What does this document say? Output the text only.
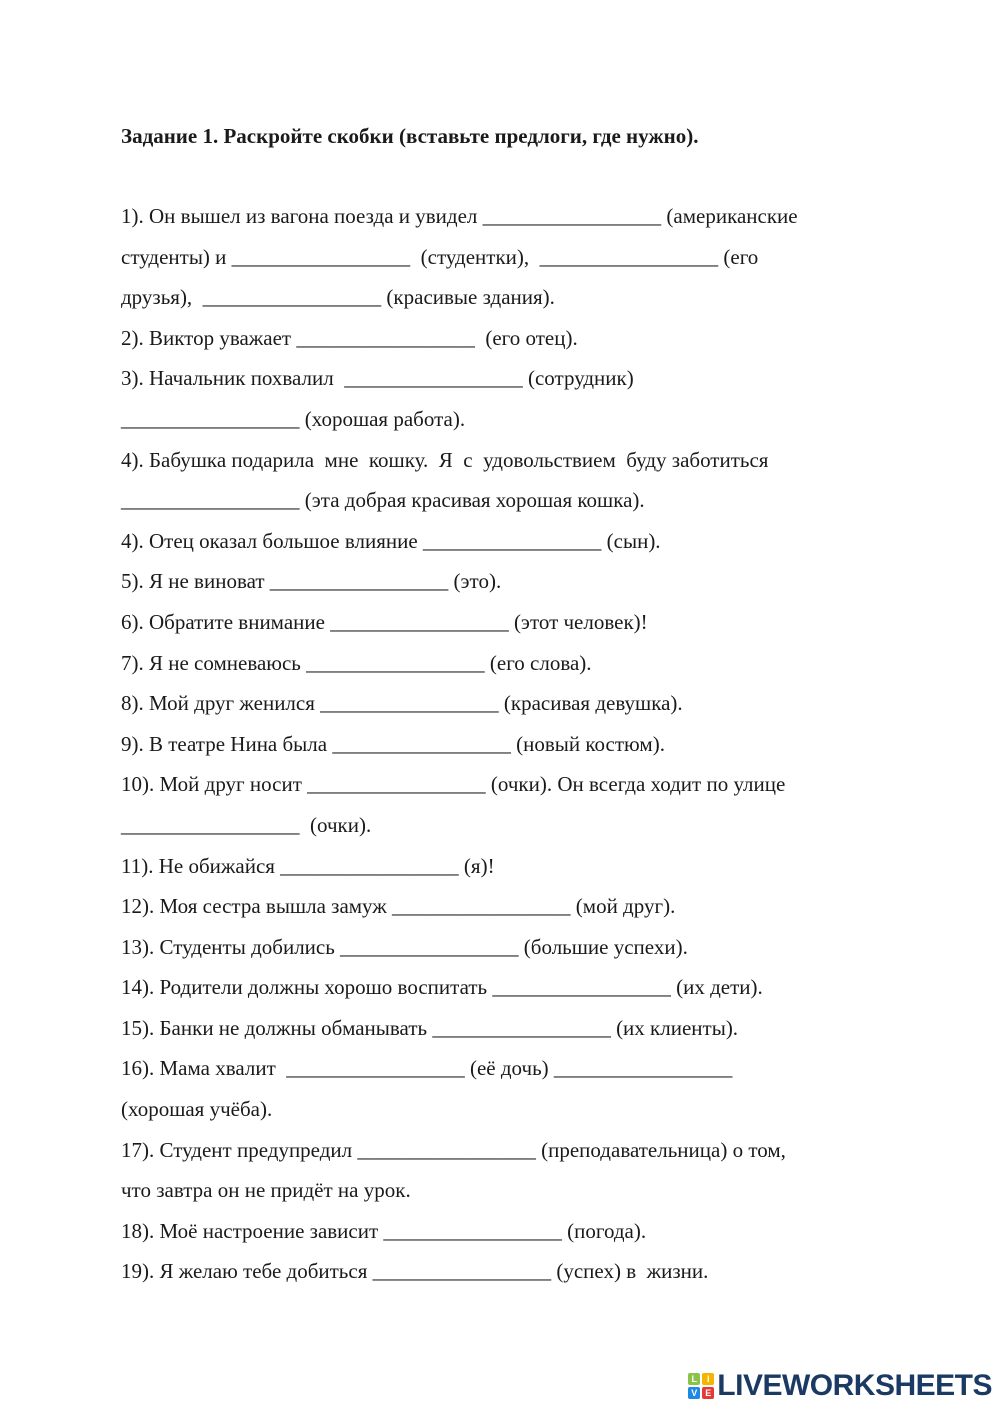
Задание 1. Раскройте скобки (вставьте предлоги, где нужно).
1). Он вышел из вагона поезда и увидел _________________ (американские
студенты) и _________________  (студентки),  _________________ (его
друзья),  _________________ (красивые здания).
2). Виктор уважает _________________  (его отец).
3). Начальник похвалил  _________________ (сотрудник)
_________________ (хорошая работа).
4). Бабушка подарила  мне  кошку.  Я  с  удовольствием  буду заботиться
_________________ (эта добрая красивая хорошая кошка).
4). Отец оказал большое влияние _________________ (сын).
5). Я не виноват _________________ (это).
6). Обратите внимание _________________ (этот человек)!
7). Я не сомневаюсь _________________ (его слова).
8). Мой друг женился _________________ (красивая девушка).
9). В театре Нина была _________________ (новый костюм).
10). Мой друг носит _________________ (очки). Он всегда ходит по улице
_________________  (очки).
11). Не обижайся _________________ (я)!
12). Моя сестра вышла замуж _________________ (мой друг).
13). Студенты добились _________________ (большие успехи).
14). Родители должны хорошо воспитать _________________ (их дети).
15). Банки не должны обманывать _________________ (их клиенты).
16). Мама хвалит  _________________ (её дочь) _________________
(хорошая учёба).
17). Студент предупредил _________________ (преподавательница) о том,
что завтра он не придёт на урок.
18). Моё настроение зависит _________________ (погода).
19). Я желаю тебе добиться _________________ (успех) в  жизни.
L	I
V E LIVEWORKSHEETS
